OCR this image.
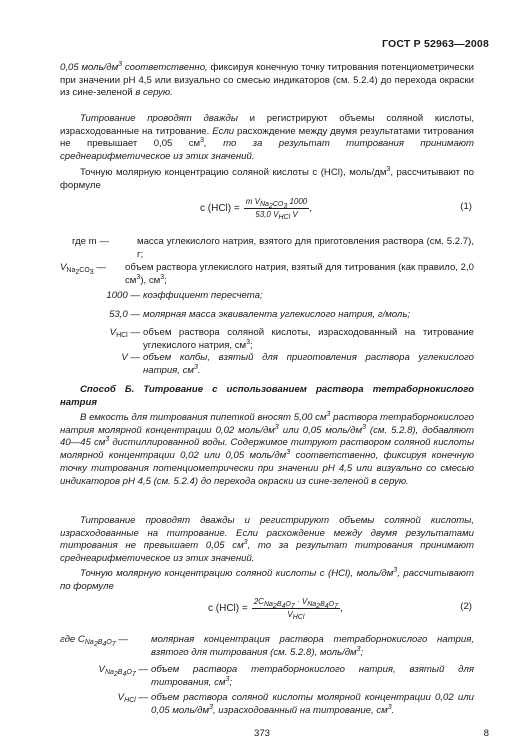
ГОСТ Р 52963—2008

0,05 моль/$дм^3$ соответственно, фиксируя конечную точку титрования потенциометрически при значении pH 4,5 или визуально со смесью индикаторов (см. 5.2.4) до перехода окраски из сине-зеленой в серую.

Титрование проводят дважды и регистрируют объемы соляной кислоты, израсходованные на титрование. Если расхождение между двумя результатами титрования не превышает 0,05 $см^3$, то за результат титрования принимают среднеарифметическое из этих значений.

Точную молярную концентрацию соляной кислоты c (HCl), моль/$дм^3$, рассчитывают по формуле

c $(HCl) = \frac{m V_{Na_2CO_3} 1000}{53,0 V_{HCl} V}$ ,	(1)
где m —	масса углекислого натрия, взятого для приготовления раствора (см. 5.2.7), г;
$V_{Na_2CO_3}$ —	объем раствора углекислого натрия, взятый для титрования (как правило, 2,0 $см^3$), $см^3$;
1000 — коэффициент пересчета;
53,0 — молярная масса эквивалента углекислого натрия, г/моль;
$V_{HCl}$ — объем раствора соляной кислоты, израсходованный на титрование углекислого натрия, $см^3$;
V — объем колбы, взятый для приготовления раствора углекислого натрия, $см^3$.

Способ Б. Титрование с использованием раствора тетраборнокислого натрия

В емкость для титрования пипеткой вносят 5,00 $см^3$ раствора тетраборнокислого натрия молярной концентрации 0,02 моль/$дм^3$ или 0,05 моль/$дм^3$ (см. 5.2.8), добавляют 40—45 $см^3$ дистиллированной воды. Содержимое титруют раствором соляной кислоты молярной концентрации 0,02 или 0,05 моль/$дм^3$ соответственно, фиксируя конечную точку титрования потенциометрически при значении pH 4,5 или визуально со смесью индикаторов pH 4,5 (см. 5.2.4) до перехода окраски из сине-зеленой в серую.

Титрование проводят дважды и регистрируют объемы соляной кислоты, израсходованные на титрование. Если расхождение между двумя результатами титрования не превышает 0,05 $см^3$, то за результат титрования принимают среднеарифметическое из этих значений.

Точную молярную концентрацию соляной кислоты c (HCl), моль/$дм^3$, рассчитывают по формуле

c $(HCl) = \frac{2C_{Na_2B_4O_7} \cdot V_{Na_2B_4O_7}}{V_{HCl}}$ ,	(2)
где $C_{Na_2B_4O_7}$ —	молярная концентрация раствора тетраборнокислого натрия, взятого для титрования (см. 5.2.8), моль/$дм^3$;
$V_{Na_2B_4O_7}$ — объем раствора тетраборнокислого натрия, взятый для титрования, $см^3$;
$V_{HCl}$ — объем раствора соляной кислоты молярной концентрации 0,02 или 0,05 моль/$дм^3$, израсходованный на титрование, $см^3$.
373	8
